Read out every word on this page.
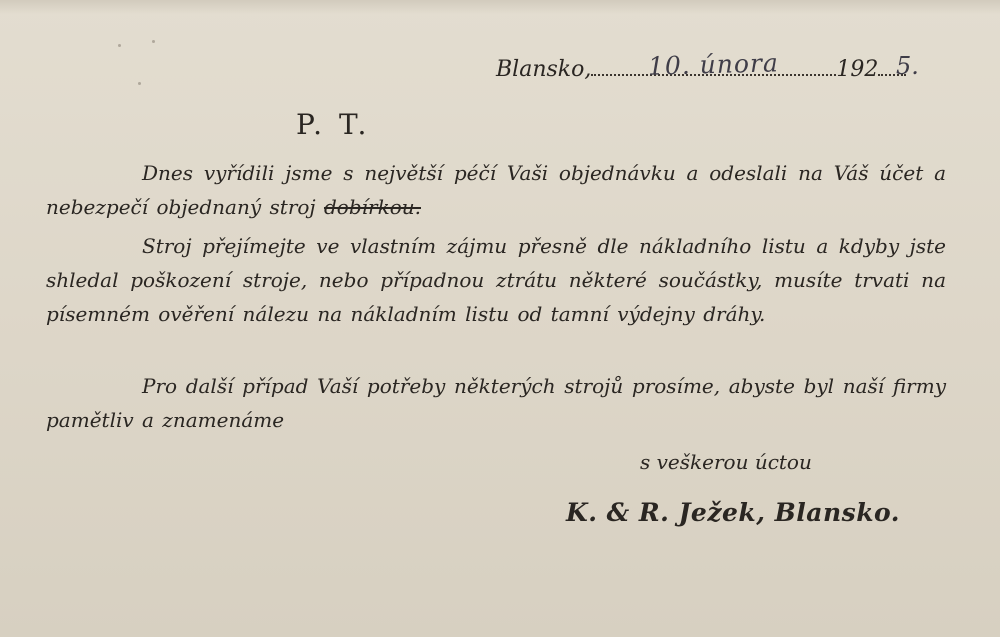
Blansko,	192
10. února	5.
P. T.
Dnes vyřídili jsme s největší péčí Vaši objednávku a odeslali na Váš účet a nebezpečí objednaný stroj dobírkou.
Stroj přejímejte ve vlastním zájmu přesně dle nákladního listu a kdyby jste shledal poškození stroje, nebo případnou ztrátu některé součástky, musíte trvati na písemném ověření nálezu na nákladním listu od tamní výdejny dráhy.
Pro další případ Vaší potřeby některých strojů prosíme, abyste byl naší firmy pamětliv a znamenáme
s veškerou úctou
K. & R. Ježek, Blansko.
